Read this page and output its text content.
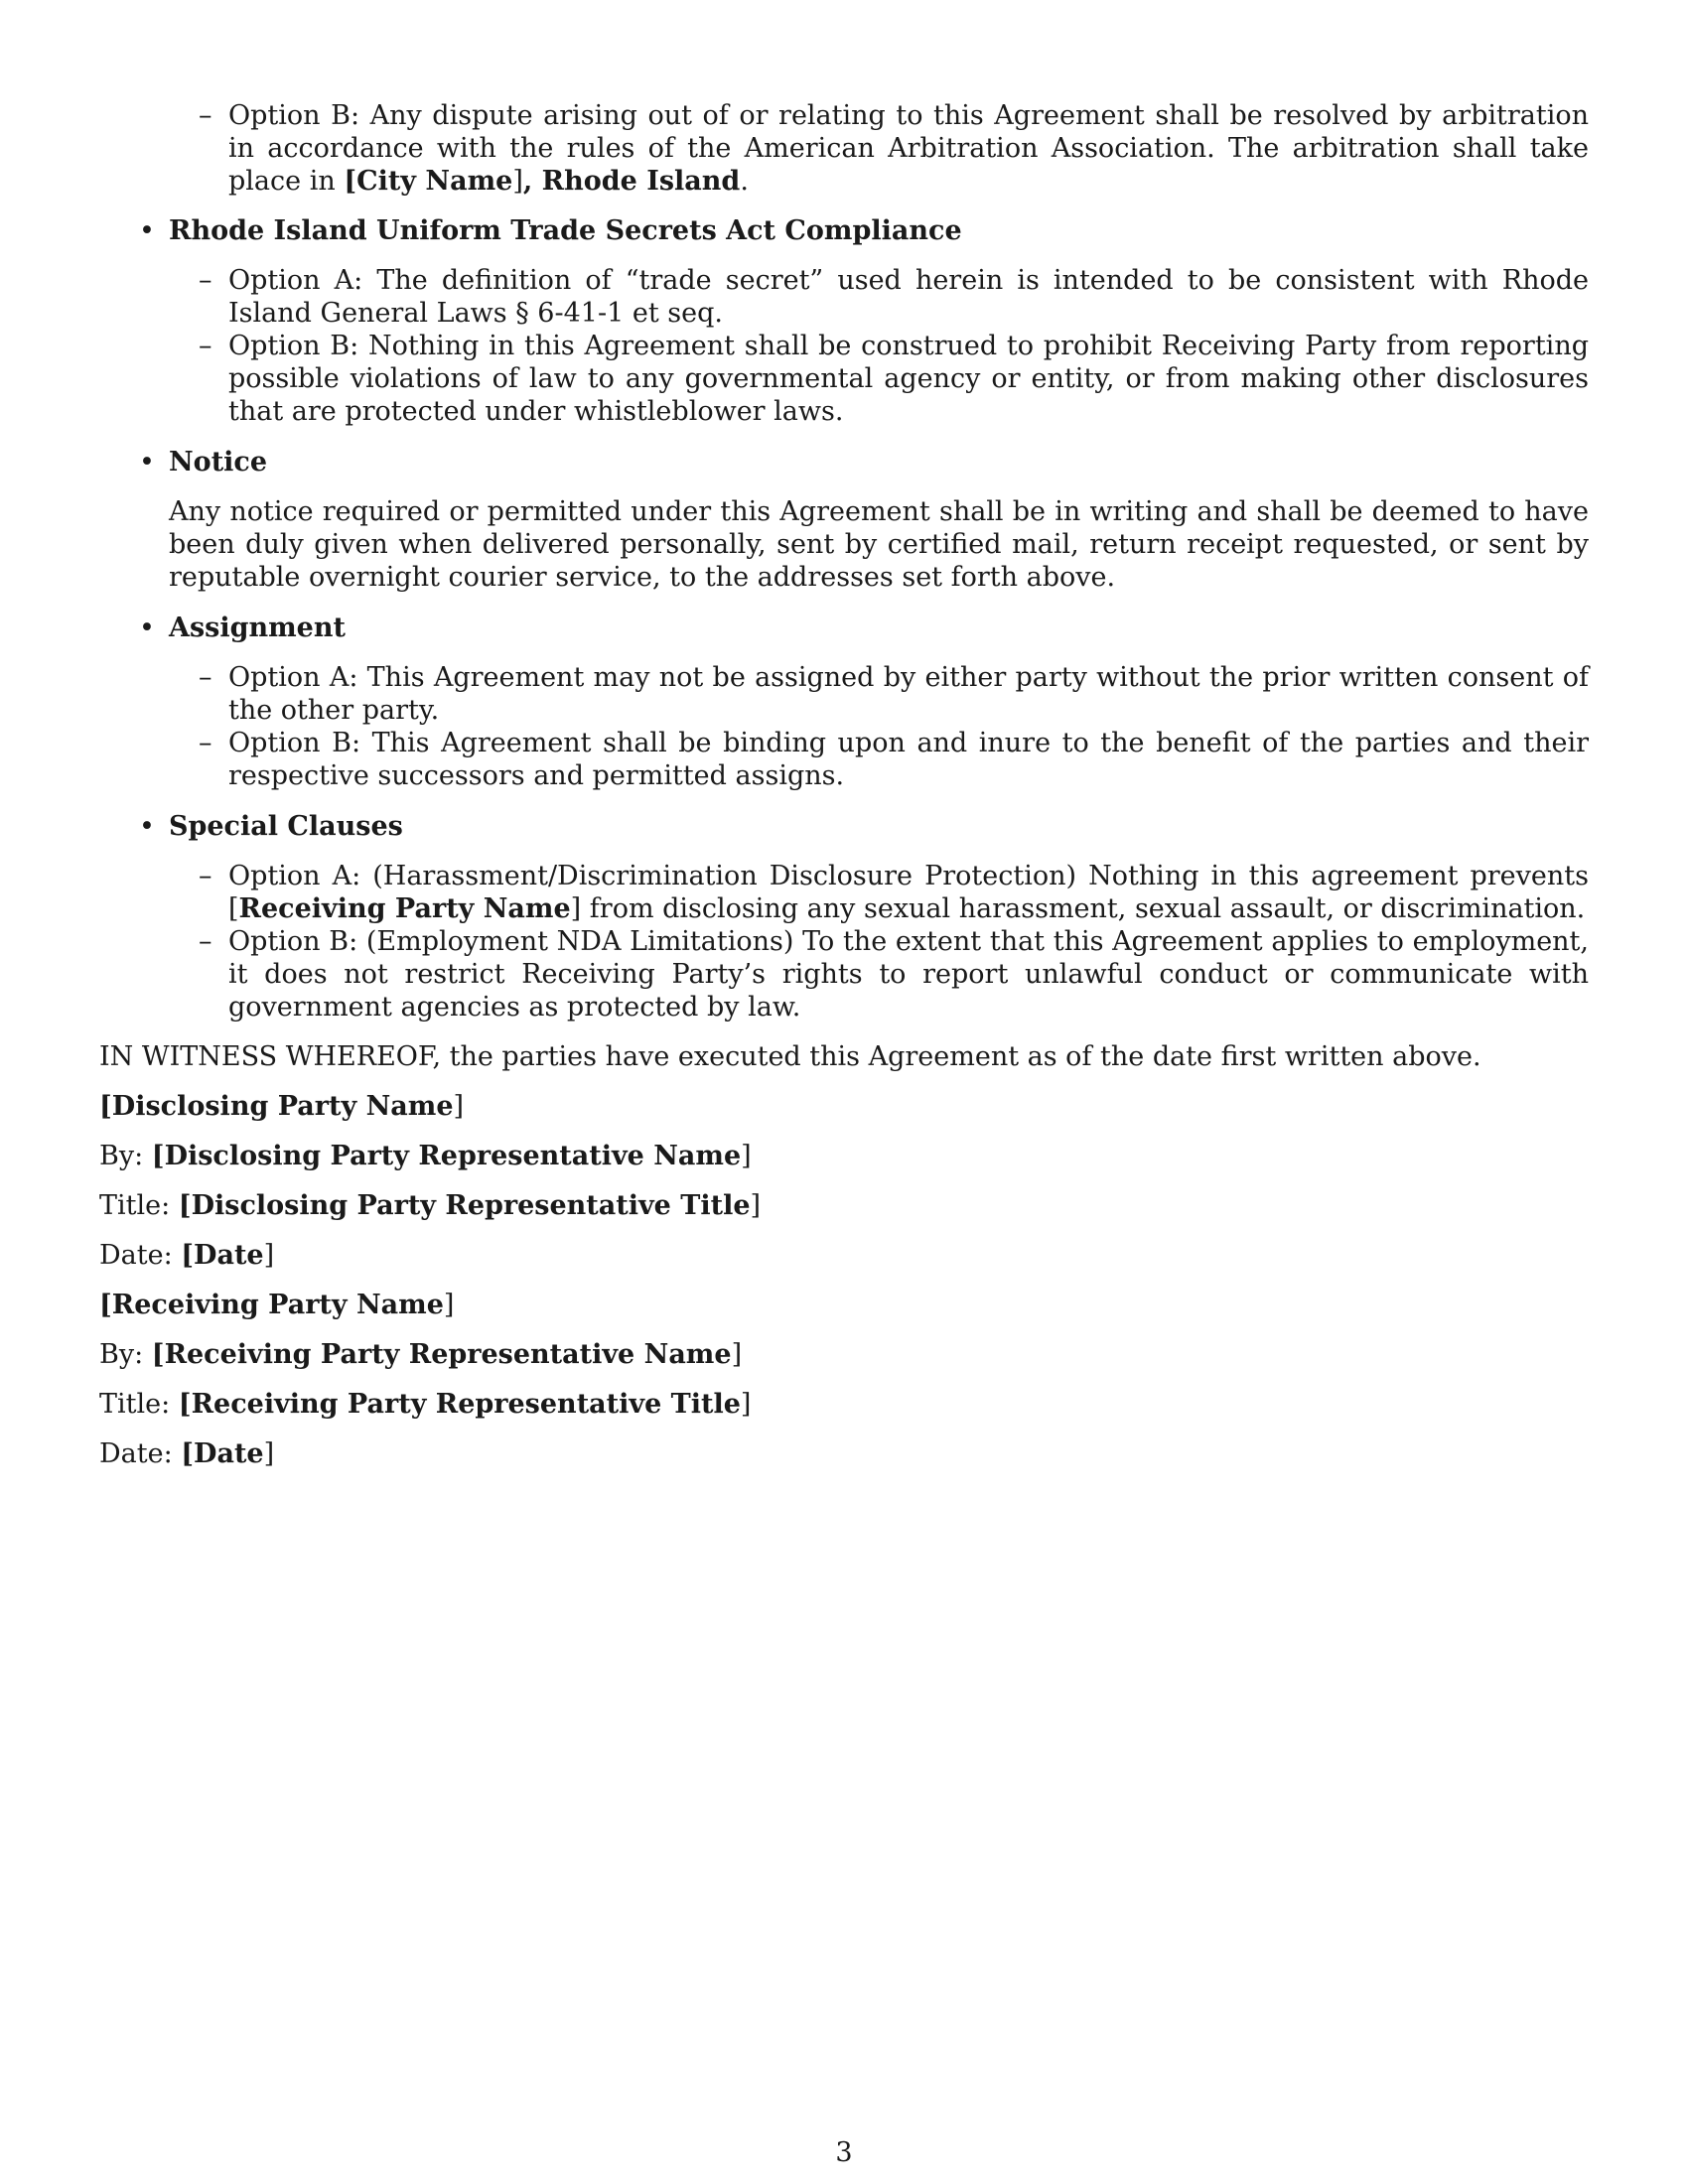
– Option B: Any dispute arising out of or relating to this Agreement shall be resolved by arbitration in accordance with the rules of the American Arbitration Association. The arbitration shall take place in [City Name], Rhode Island.
• Rhode Island Uniform Trade Secrets Act Compliance
– Option A: The definition of “trade secret” used herein is intended to be consistent with Rhode Island General Laws § 6-41-1 et seq.
– Option B: Nothing in this Agreement shall be construed to prohibit Receiving Party from reporting possible violations of law to any governmental agency or entity, or from making other disclosures that are protected under whistleblower laws.
• Notice
Any notice required or permitted under this Agreement shall be in writing and shall be deemed to have been duly given when delivered personally, sent by certified mail, return receipt requested, or sent by reputable overnight courier service, to the addresses set forth above.
• Assignment
– Option A: This Agreement may not be assigned by either party without the prior written consent of the other party.
– Option B: This Agreement shall be binding upon and inure to the benefit of the parties and their respective successors and permitted assigns.
• Special Clauses
– Option A: (Harassment/Discrimination Disclosure Protection) Nothing in this agreement prevents [Receiving Party Name] from disclosing any sexual harassment, sexual assault, or discrimination.
– Option B: (Employment NDA Limitations) To the extent that this Agreement applies to employment, it does not restrict Receiving Party’s rights to report unlawful conduct or communicate with government agencies as protected by law.

IN WITNESS WHEREOF, the parties have executed this Agreement as of the date first written above.

[Disclosing Party Name]

By: [Disclosing Party Representative Name]

Title: [Disclosing Party Representative Title]

Date: [Date]

[Receiving Party Name]

By: [Receiving Party Representative Name]

Title: [Receiving Party Representative Title]

Date: [Date]

3
